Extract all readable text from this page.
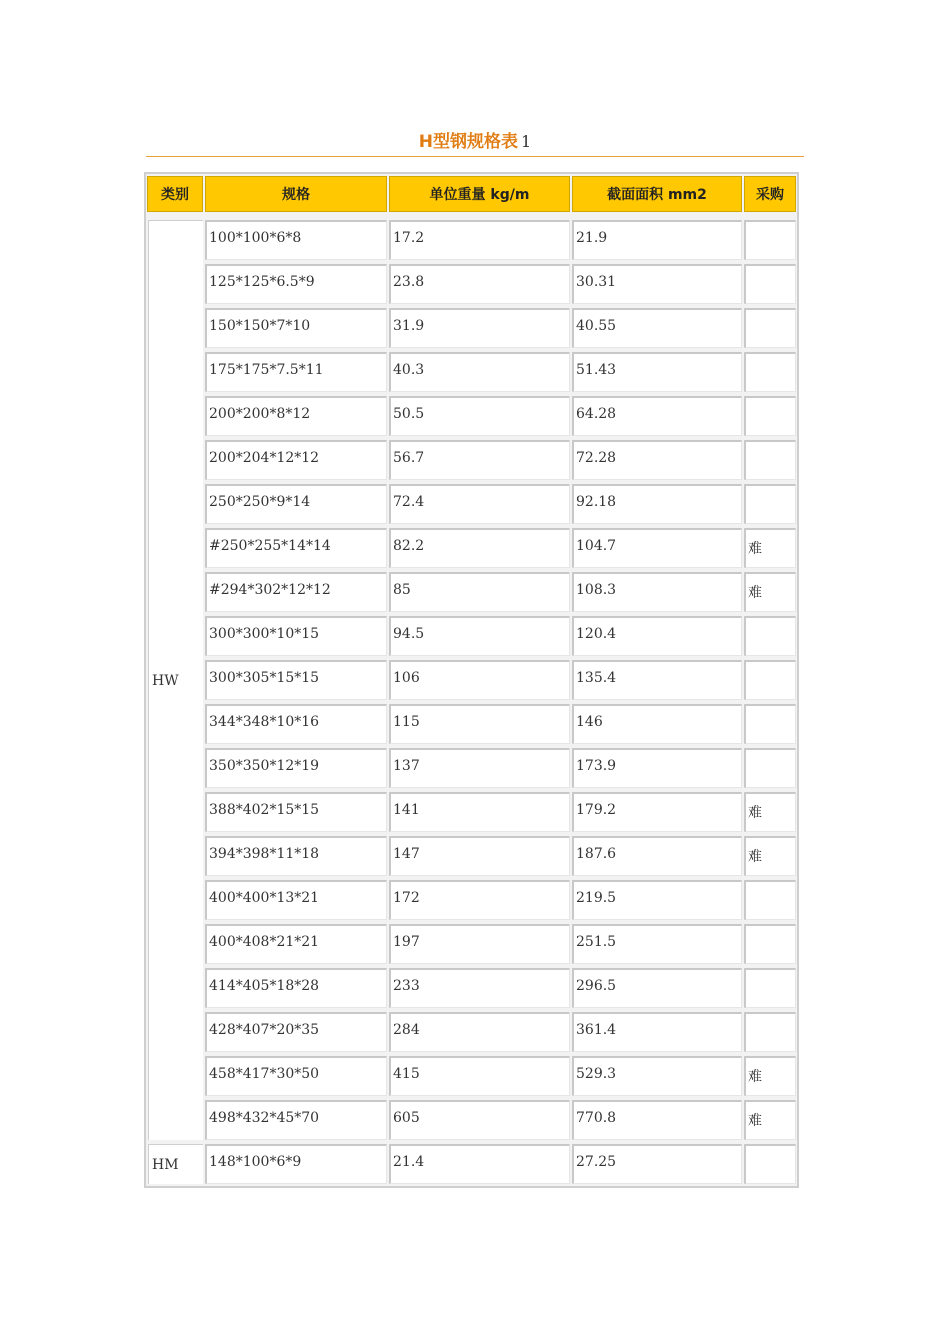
H型钢规格表 1
类别	规格	单位重量 kg/m	截面面积 mm2	采购
HW
100*100*6*8	17.2	21.9
125*125*6.5*9	23.8	30.31
150*150*7*10	31.9	40.55
175*175*7.5*11	40.3	51.43
200*200*8*12	50.5	64.28
200*204*12*12	56.7	72.28
250*250*9*14	72.4	92.18
#250*255*14*14	82.2	104.7	难
#294*302*12*12	85	108.3	难
300*300*10*15	94.5	120.4
300*305*15*15	106	135.4
344*348*10*16	115	146
350*350*12*19	137	173.9
388*402*15*15	141	179.2	难
394*398*11*18	147	187.6	难
400*400*13*21	172	219.5
400*408*21*21	197	251.5
414*405*18*28	233	296.5
428*407*20*35	284	361.4
458*417*30*50	415	529.3	难
498*432*45*70	605	770.8	难
HM	148*100*6*9	21.4	27.25
